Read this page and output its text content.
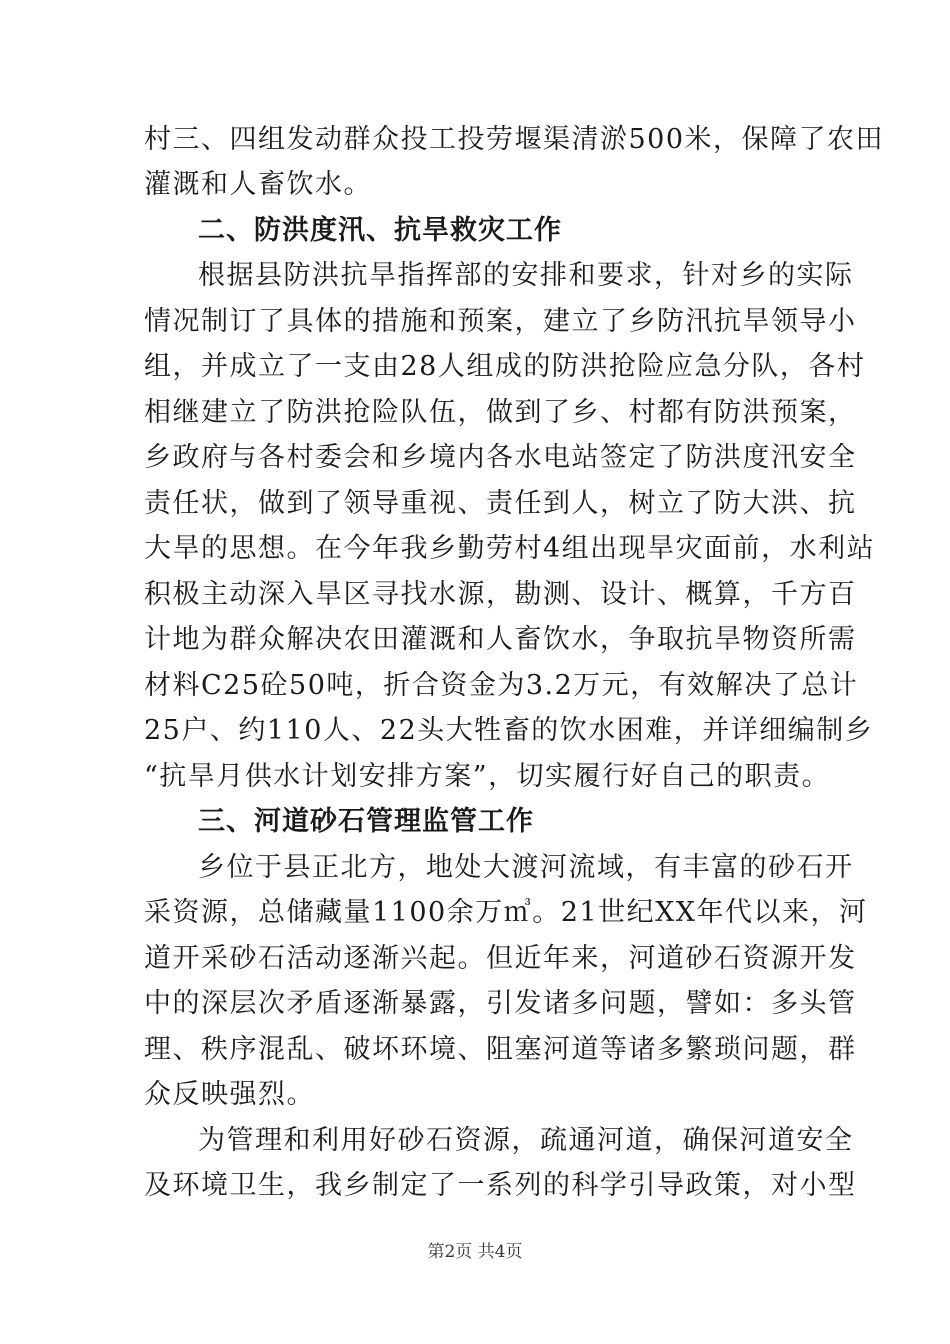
村三、四组发动群众投工投劳堰渠清淤500米，保障了农田
灌溉和人畜饮水。
二、防洪度汛、抗旱救灾工作
根据县防洪抗旱指挥部的安排和要求，针对乡的实际
情况制订了具体的措施和预案，建立了乡防汛抗旱领导小
组，并成立了一支由28人组成的防洪抢险应急分队，各村
相继建立了防洪抢险队伍，做到了乡、村都有防洪预案，
乡政府与各村委会和乡境内各水电站签定了防洪度汛安全
责任状，做到了领导重视、责任到人，树立了防大洪、抗
大旱的思想。在今年我乡勤劳村4组出现旱灾面前，水利站
积极主动深入旱区寻找水源，勘测、设计、概算，千方百
计地为群众解决农田灌溉和人畜饮水，争取抗旱物资所需
材料C25砼50吨，折合资金为3.2万元，有效解决了总计
25户、约110人、22头大牲畜的饮水困难，并详细编制乡
“抗旱月供水计划安排方案”，切实履行好自己的职责。
三、河道砂石管理监管工作
乡位于县正北方，地处大渡河流域，有丰富的砂石开
采资源，总储藏量1100余万㎥。21世纪XX年代以来，河
道开采砂石活动逐渐兴起。但近年来，河道砂石资源开发
中的深层次矛盾逐渐暴露，引发诸多问题，譬如：多头管
理、秩序混乱、破坏环境、阻塞河道等诸多繁琐问题，群
众反映强烈。
为管理和利用好砂石资源，疏通河道，确保河道安全
及环境卫生，我乡制定了一系列的科学引导政策，对小型
第2页 共4页
